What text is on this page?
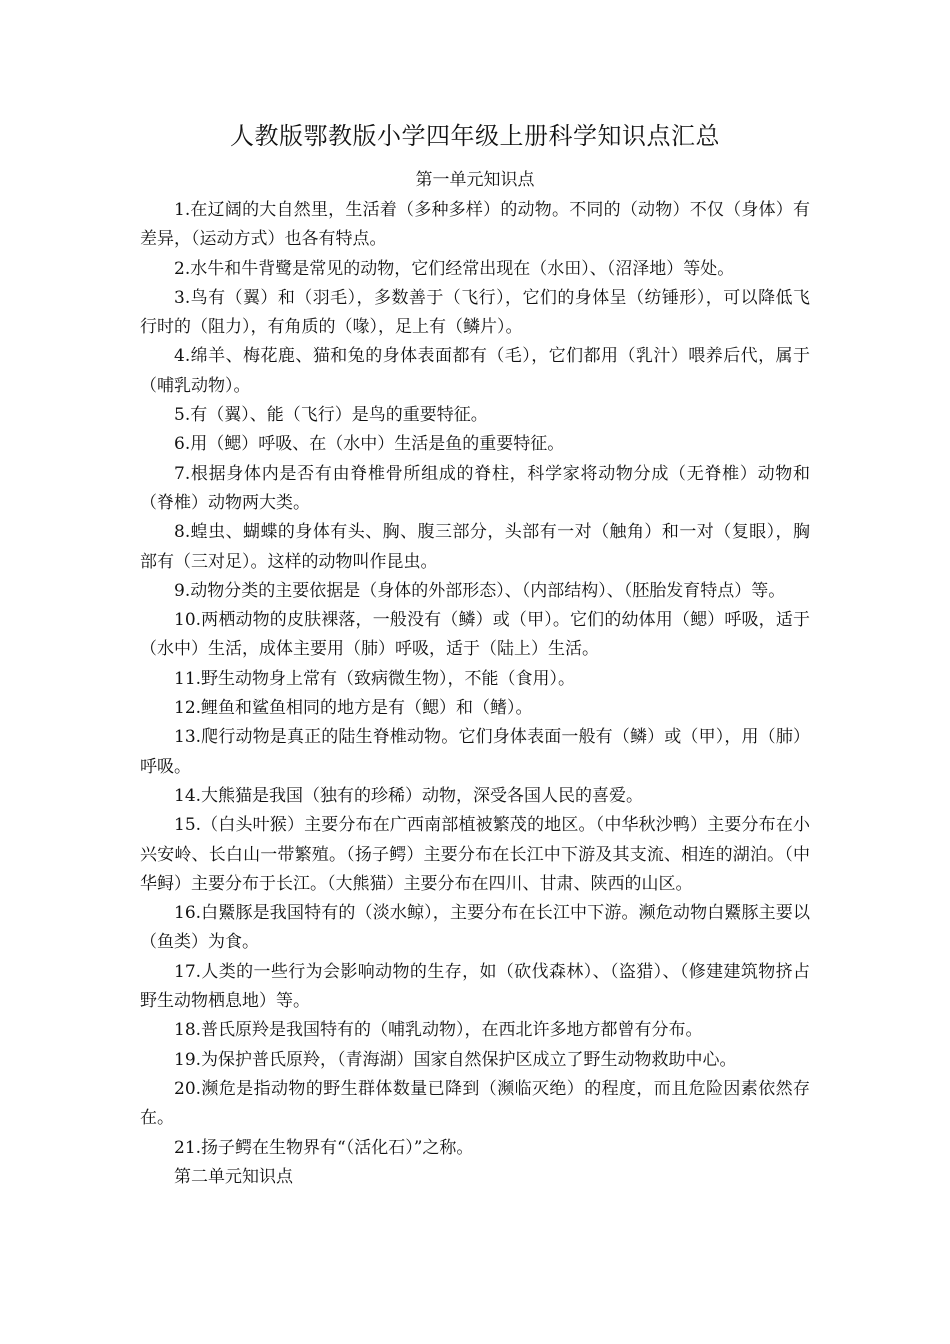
人教版鄂教版小学四年级上册科学知识点汇总
第一单元知识点

1.在辽阔的大自然里，生活着（多种多样）的动物。不同的（动物）不仅（身体）有差异，（运动方式）也各有特点。

2.水牛和牛背鹭是常见的动物，它们经常出现在（水田）、（沼泽地）等处。

3.鸟有（翼）和（羽毛），多数善于（飞行），它们的身体呈（纺锤形），可以降低飞行时的（阻力），有角质的（喙），足上有（鳞片）。

4.绵羊、梅花鹿、猫和兔的身体表面都有（毛），它们都用（乳汁）喂养后代，属于（哺乳动物）。

5.有（翼）、能（飞行）是鸟的重要特征。

6.用（鳃）呼吸、在（水中）生活是鱼的重要特征。

7.根据身体内是否有由脊椎骨所组成的脊柱，科学家将动物分成（无脊椎）动物和（脊椎）动物两大类。

8.蝗虫、蝴蝶的身体有头、胸、腹三部分，头部有一对（触角）和一对（复眼），胸部有（三对足）。这样的动物叫作昆虫。

9.动物分类的主要依据是（身体的外部形态）、（内部结构）、（胚胎发育特点）等。

10.两栖动物的皮肤裸落，一般没有（鳞）或（甲）。它们的幼体用（鳃）呼吸，适于（水中）生活，成体主要用（肺）呼吸，适于（陆上）生活。

11.野生动物身上常有（致病微生物），不能（食用）。

12.鲤鱼和鲨鱼相同的地方是有（鳃）和（鳍）。

13.爬行动物是真正的陆生脊椎动物。它们身体表面一般有（鳞）或（甲），用（肺）呼吸。

14.大熊猫是我国（独有的珍稀）动物，深受各国人民的喜爱。

15.（白头叶猴）主要分布在广西南部植被繁茂的地区。（中华秋沙鸭）主要分布在小兴安岭、长白山一带繁殖。（扬子鳄）主要分布在长江中下游及其支流、相连的湖泊。（中华鲟）主要分布于长江。（大熊猫）主要分布在四川、甘肃、陕西的山区。

16.白鱀豚是我国特有的（淡水鲸），主要分布在长江中下游。濒危动物白鱀豚主要以（鱼类）为食。

17.人类的一些行为会影响动物的生存，如（砍伐森林）、（盗猎）、（修建建筑物挤占野生动物栖息地）等。

18.普氏原羚是我国特有的（哺乳动物），在西北许多地方都曾有分布。

19.为保护普氏原羚，（青海湖）国家自然保护区成立了野生动物救助中心。

20.濒危是指动物的野生群体数量已降到（濒临灭绝）的程度，而且危险因素依然存在。

21.扬子鳄在生物界有“（活化石）”之称。

第二单元知识点
